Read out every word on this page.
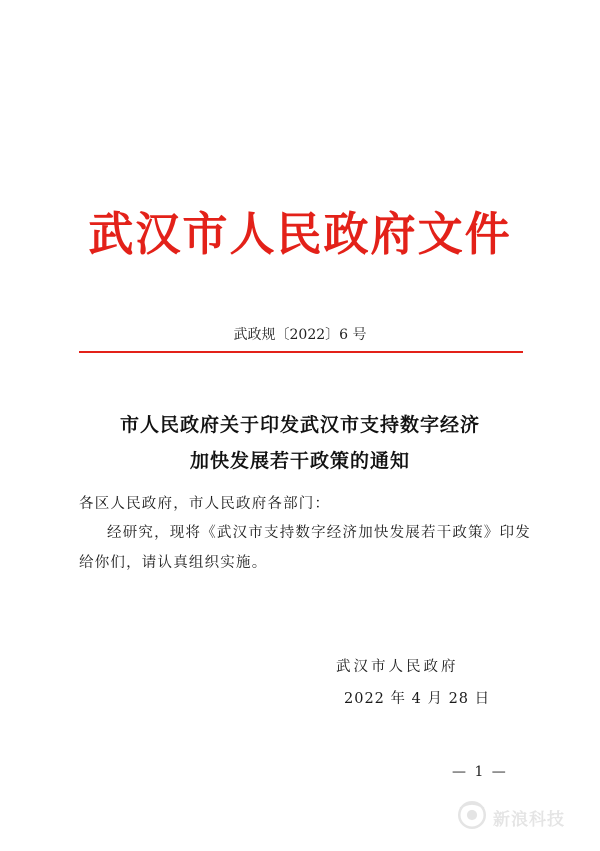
武汉市人民政府文件
武政规〔2022〕6 号
市人民政府关于印发武汉市支持数字经济
加快发展若干政策的通知
各区人民政府，市人民政府各部门：
经研究，现将《武汉市支持数字经济加快发展若干政策》印发
给你们，请认真组织实施。
武汉市人民政府
2022 年 4 月 28 日
— 1 —
新浪科技
